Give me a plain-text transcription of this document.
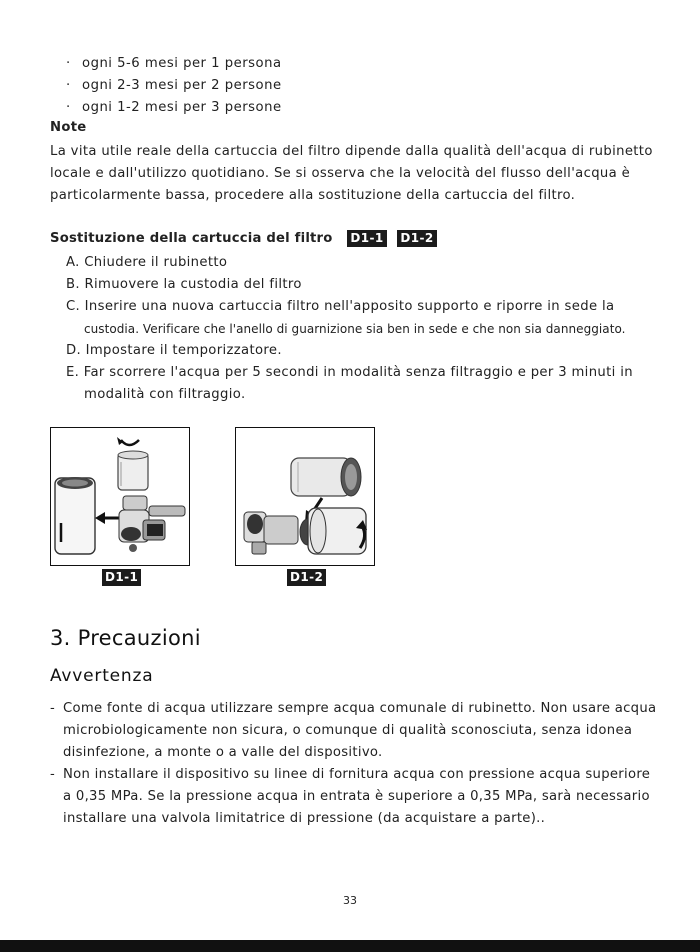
· ogni 5-6 mesi per 1 persona
· ogni 2-3 mesi per 2 persone
· ogni 1-2 mesi per 3 persone
Note
La vita utile reale della cartuccia del filtro dipende dalla qualità dell'acqua di rubinetto
locale e dall'utilizzo quotidiano. Se si osserva che la velocità del flusso dell'acqua è
particolarmente bassa, procedere alla sostituzione della cartuccia del filtro.
Sostituzione della cartuccia del filtro D1-1 D1-2
A. Chiudere il rubinetto
B. Rimuovere la custodia del filtro
C. Inserire una nuova cartuccia filtro nell'apposito supporto e riporre in sede la
custodia. Verificare che l'anello di guarnizione sia ben in sede e che non sia danneggiato.
D. Impostare il temporizzatore.
E. Far scorrere l'acqua per 5 secondi in modalità senza filtraggio e per 3 minuti in
modalità con filtraggio.
D1-1	D1-2
3. Precauzioni
Avvertenza
- Come fonte di acqua utilizzare sempre acqua comunale di rubinetto. Non usare acqua
microbiologicamente non sicura, o comunque di qualità sconosciuta, senza idonea
disinfezione, a monte o a valle del dispositivo.
- Non installare il dispositivo su linee di fornitura acqua con pressione acqua superiore
a 0,35 MPa. Se la pressione acqua in entrata è superiore a 0,35 MPa, sarà necessario
installare una valvola limitatrice di pressione (da acquistare a parte)..
33
